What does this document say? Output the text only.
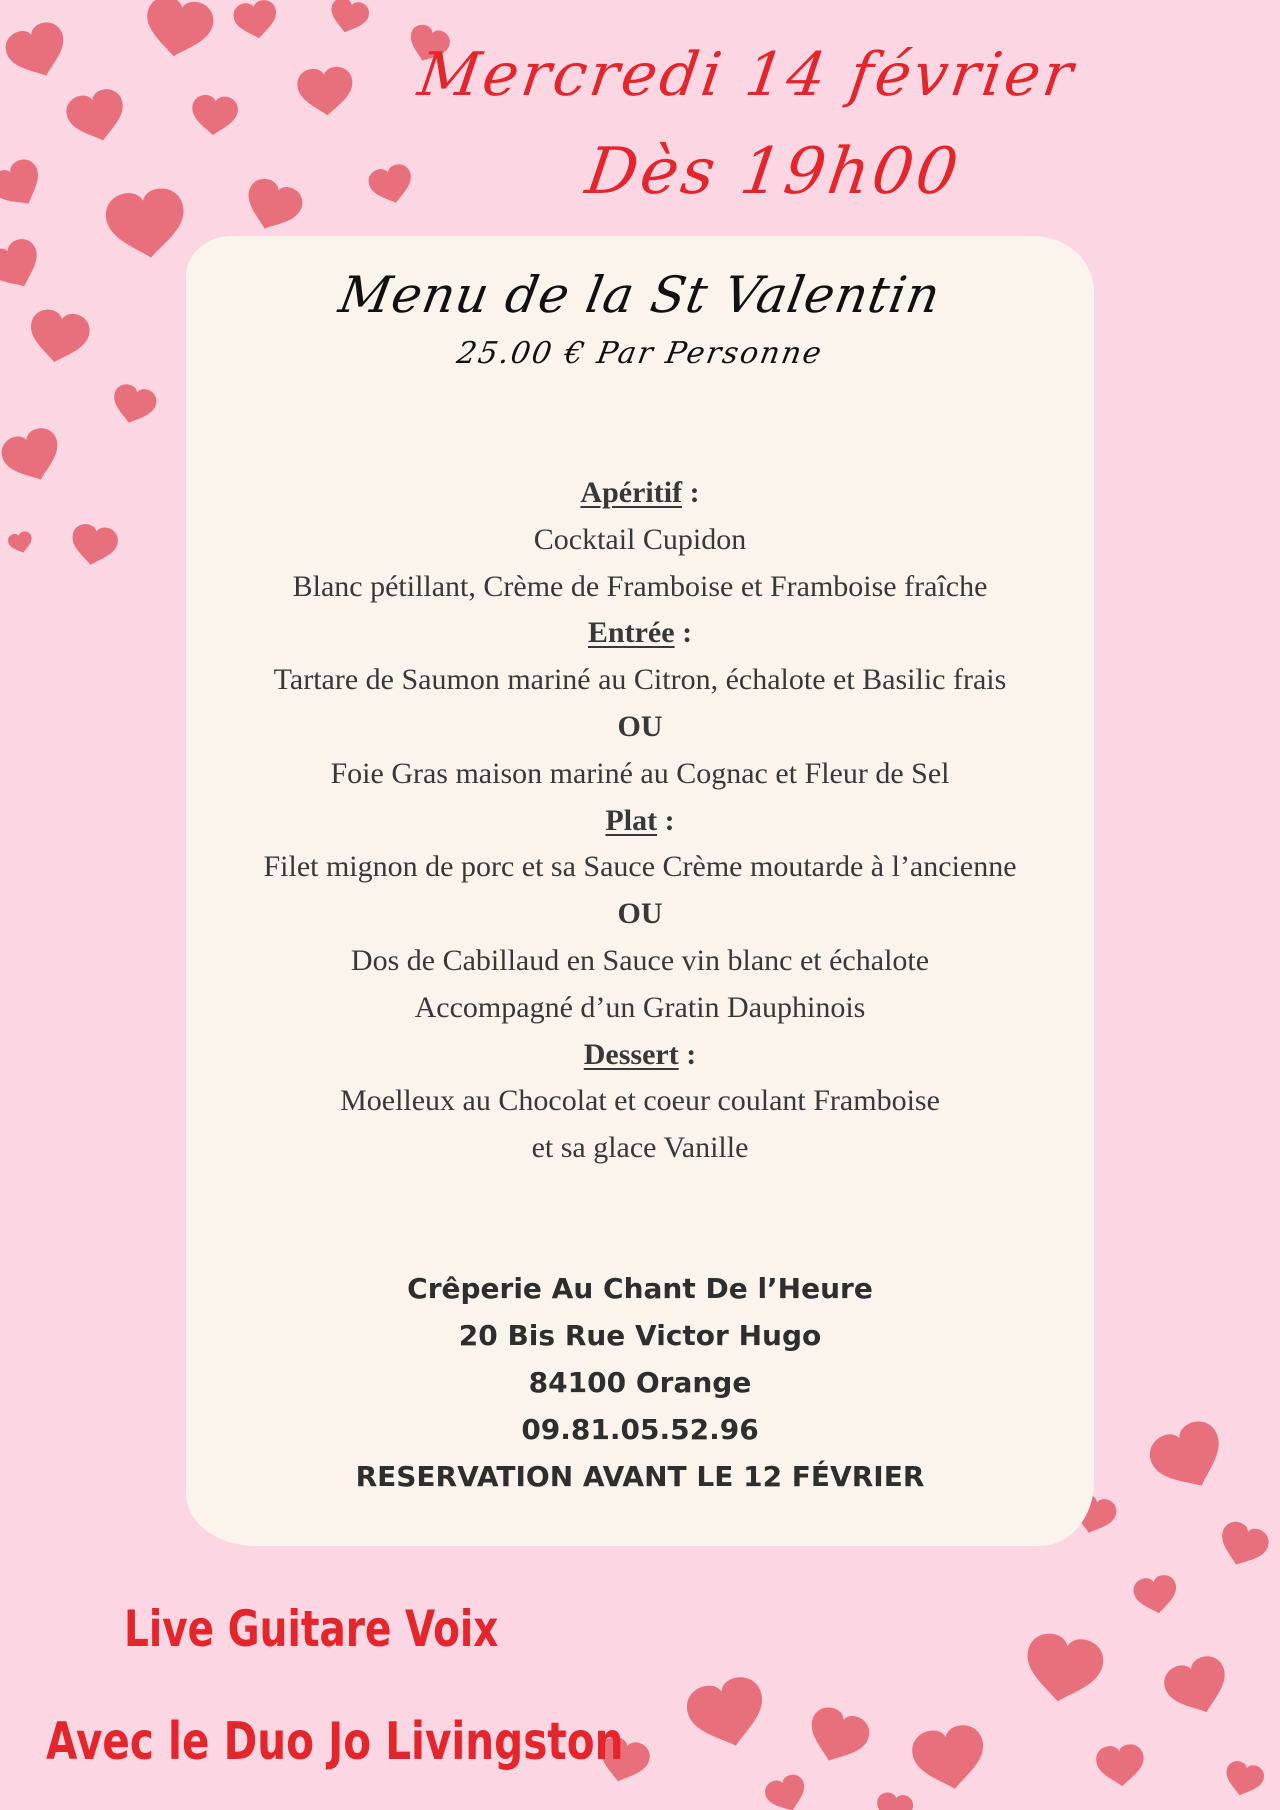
Mercredi 14 février
Dès 19h00
Menu de la St Valentin
25.00 € Par Personne
Apéritif :
Cocktail Cupidon
Blanc pétillant, Crème de Framboise et Framboise fraîche
Entrée :
Tartare de Saumon mariné au Citron, échalote et Basilic frais
OU
Foie Gras maison mariné au Cognac et Fleur de Sel
Plat :
Filet mignon de porc et sa Sauce Crème moutarde à l’ancienne
OU
Dos de Cabillaud en Sauce vin blanc et échalote
Accompagné d’un Gratin Dauphinois
Dessert :
Moelleux au Chocolat et coeur coulant Framboise
et sa glace Vanille
Crêperie Au Chant De l’Heure
20 Bis Rue Victor Hugo
84100 Orange
09.81.05.52.96
RESERVATION AVANT LE 12 FÉVRIER
Live Guitare Voix
Avec le Duo Jo Livingston
